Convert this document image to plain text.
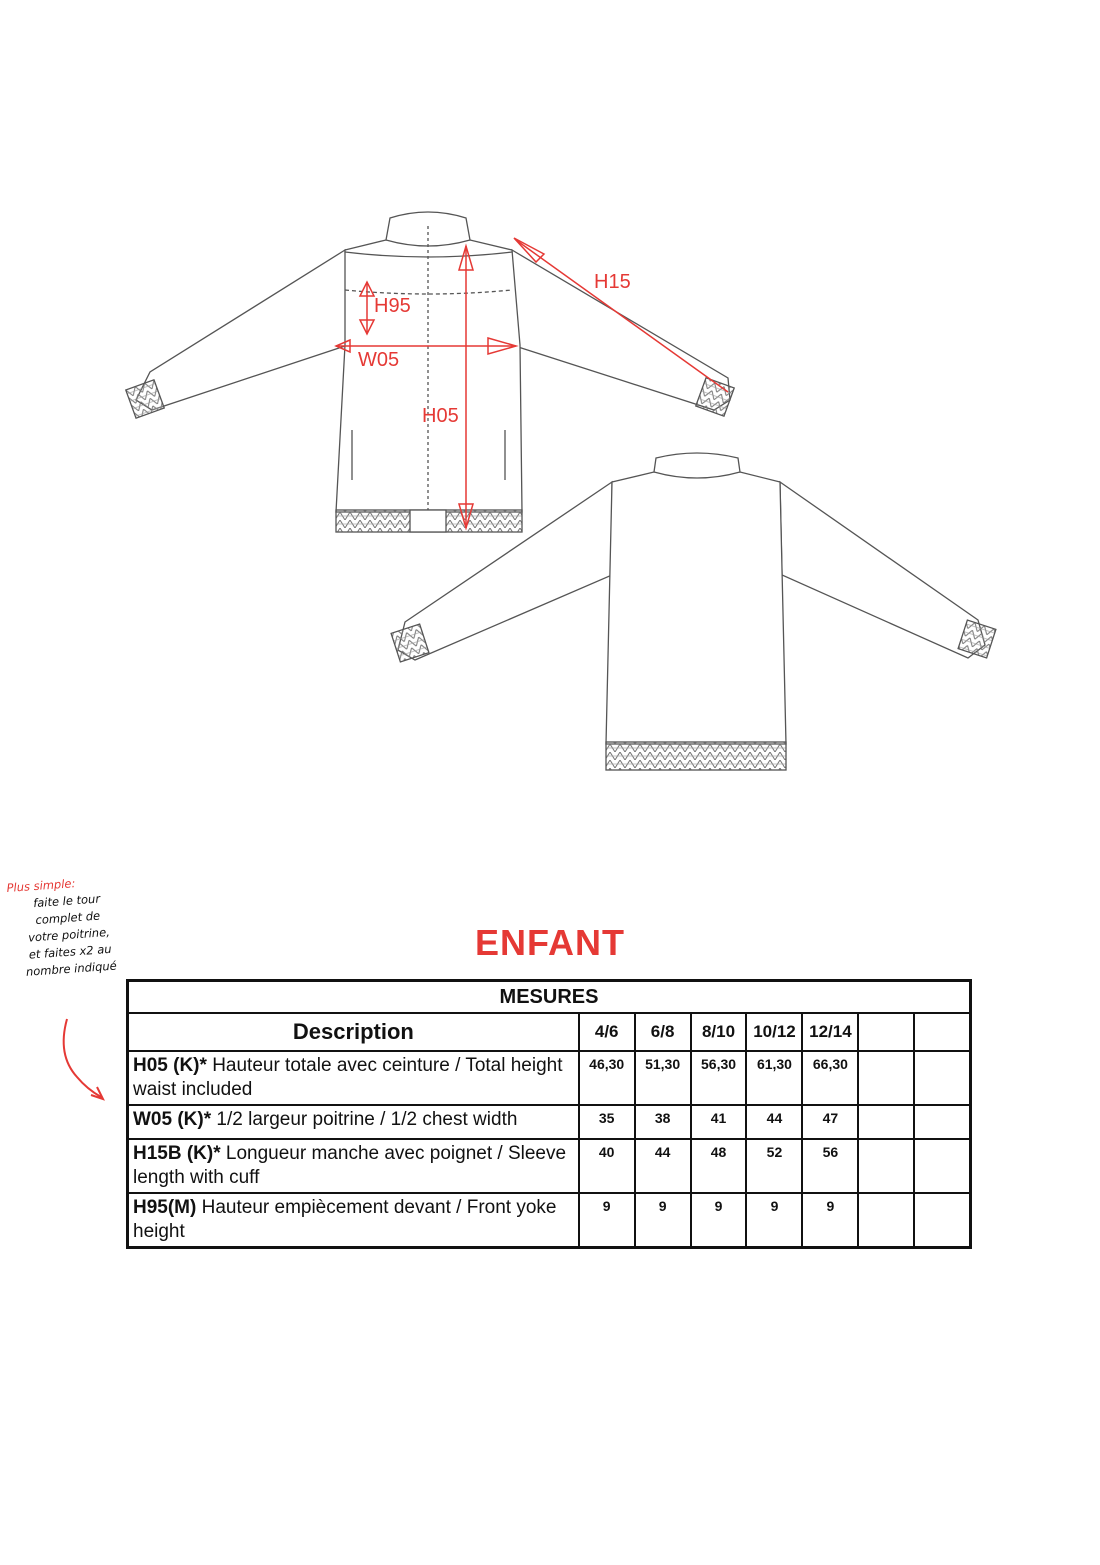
H15
H95
W05
H05
Plus simple:
faite le tour
complet de
votre poitrine,
et faites x2 au
nombre indiqué
ENFANT
MESURES							
Description	4/6	6/8	8/10	10/12	12/14		
H05 (K)* Hauteur totale avec ceinture / Total height waist included	46,30	51,30	56,30	61,30	66,30		
W05 (K)* 1/2 largeur poitrine / 1/2 chest width	35	38	41	44	47		
H15B (K)* Longueur manche avec poignet / Sleeve length with cuff	40	44	48	52	56		
H95(M) Hauteur empiècement devant / Front yoke height	9	9	9	9	9		
